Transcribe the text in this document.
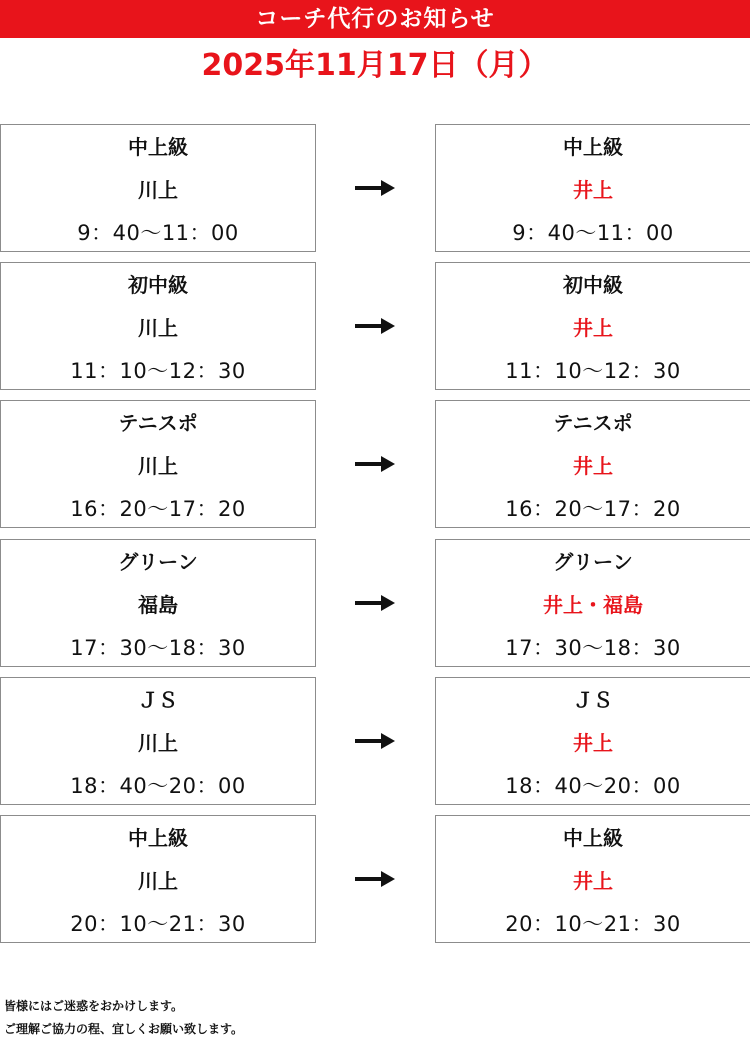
コーチ代行のお知らせ
2025年11月17日（月）
中上級
川上
9：40〜11：00
中上級
井上
9：40〜11：00
初中級
川上
11：10〜12：30
初中級
井上
11：10〜12：30
テニスポ
川上
16：20〜17：20
テニスポ
井上
16：20〜17：20
グリーン
福島
17：30〜18：30
グリーン
井上・福島
17：30〜18：30
ＪＳ
川上
18：40〜20：00
ＪＳ
井上
18：40〜20：00
中上級
川上
20：10〜21：30
中上級
井上
20：10〜21：30
皆様にはご迷惑をおかけします。
ご理解ご協力の程、宜しくお願い致します。
